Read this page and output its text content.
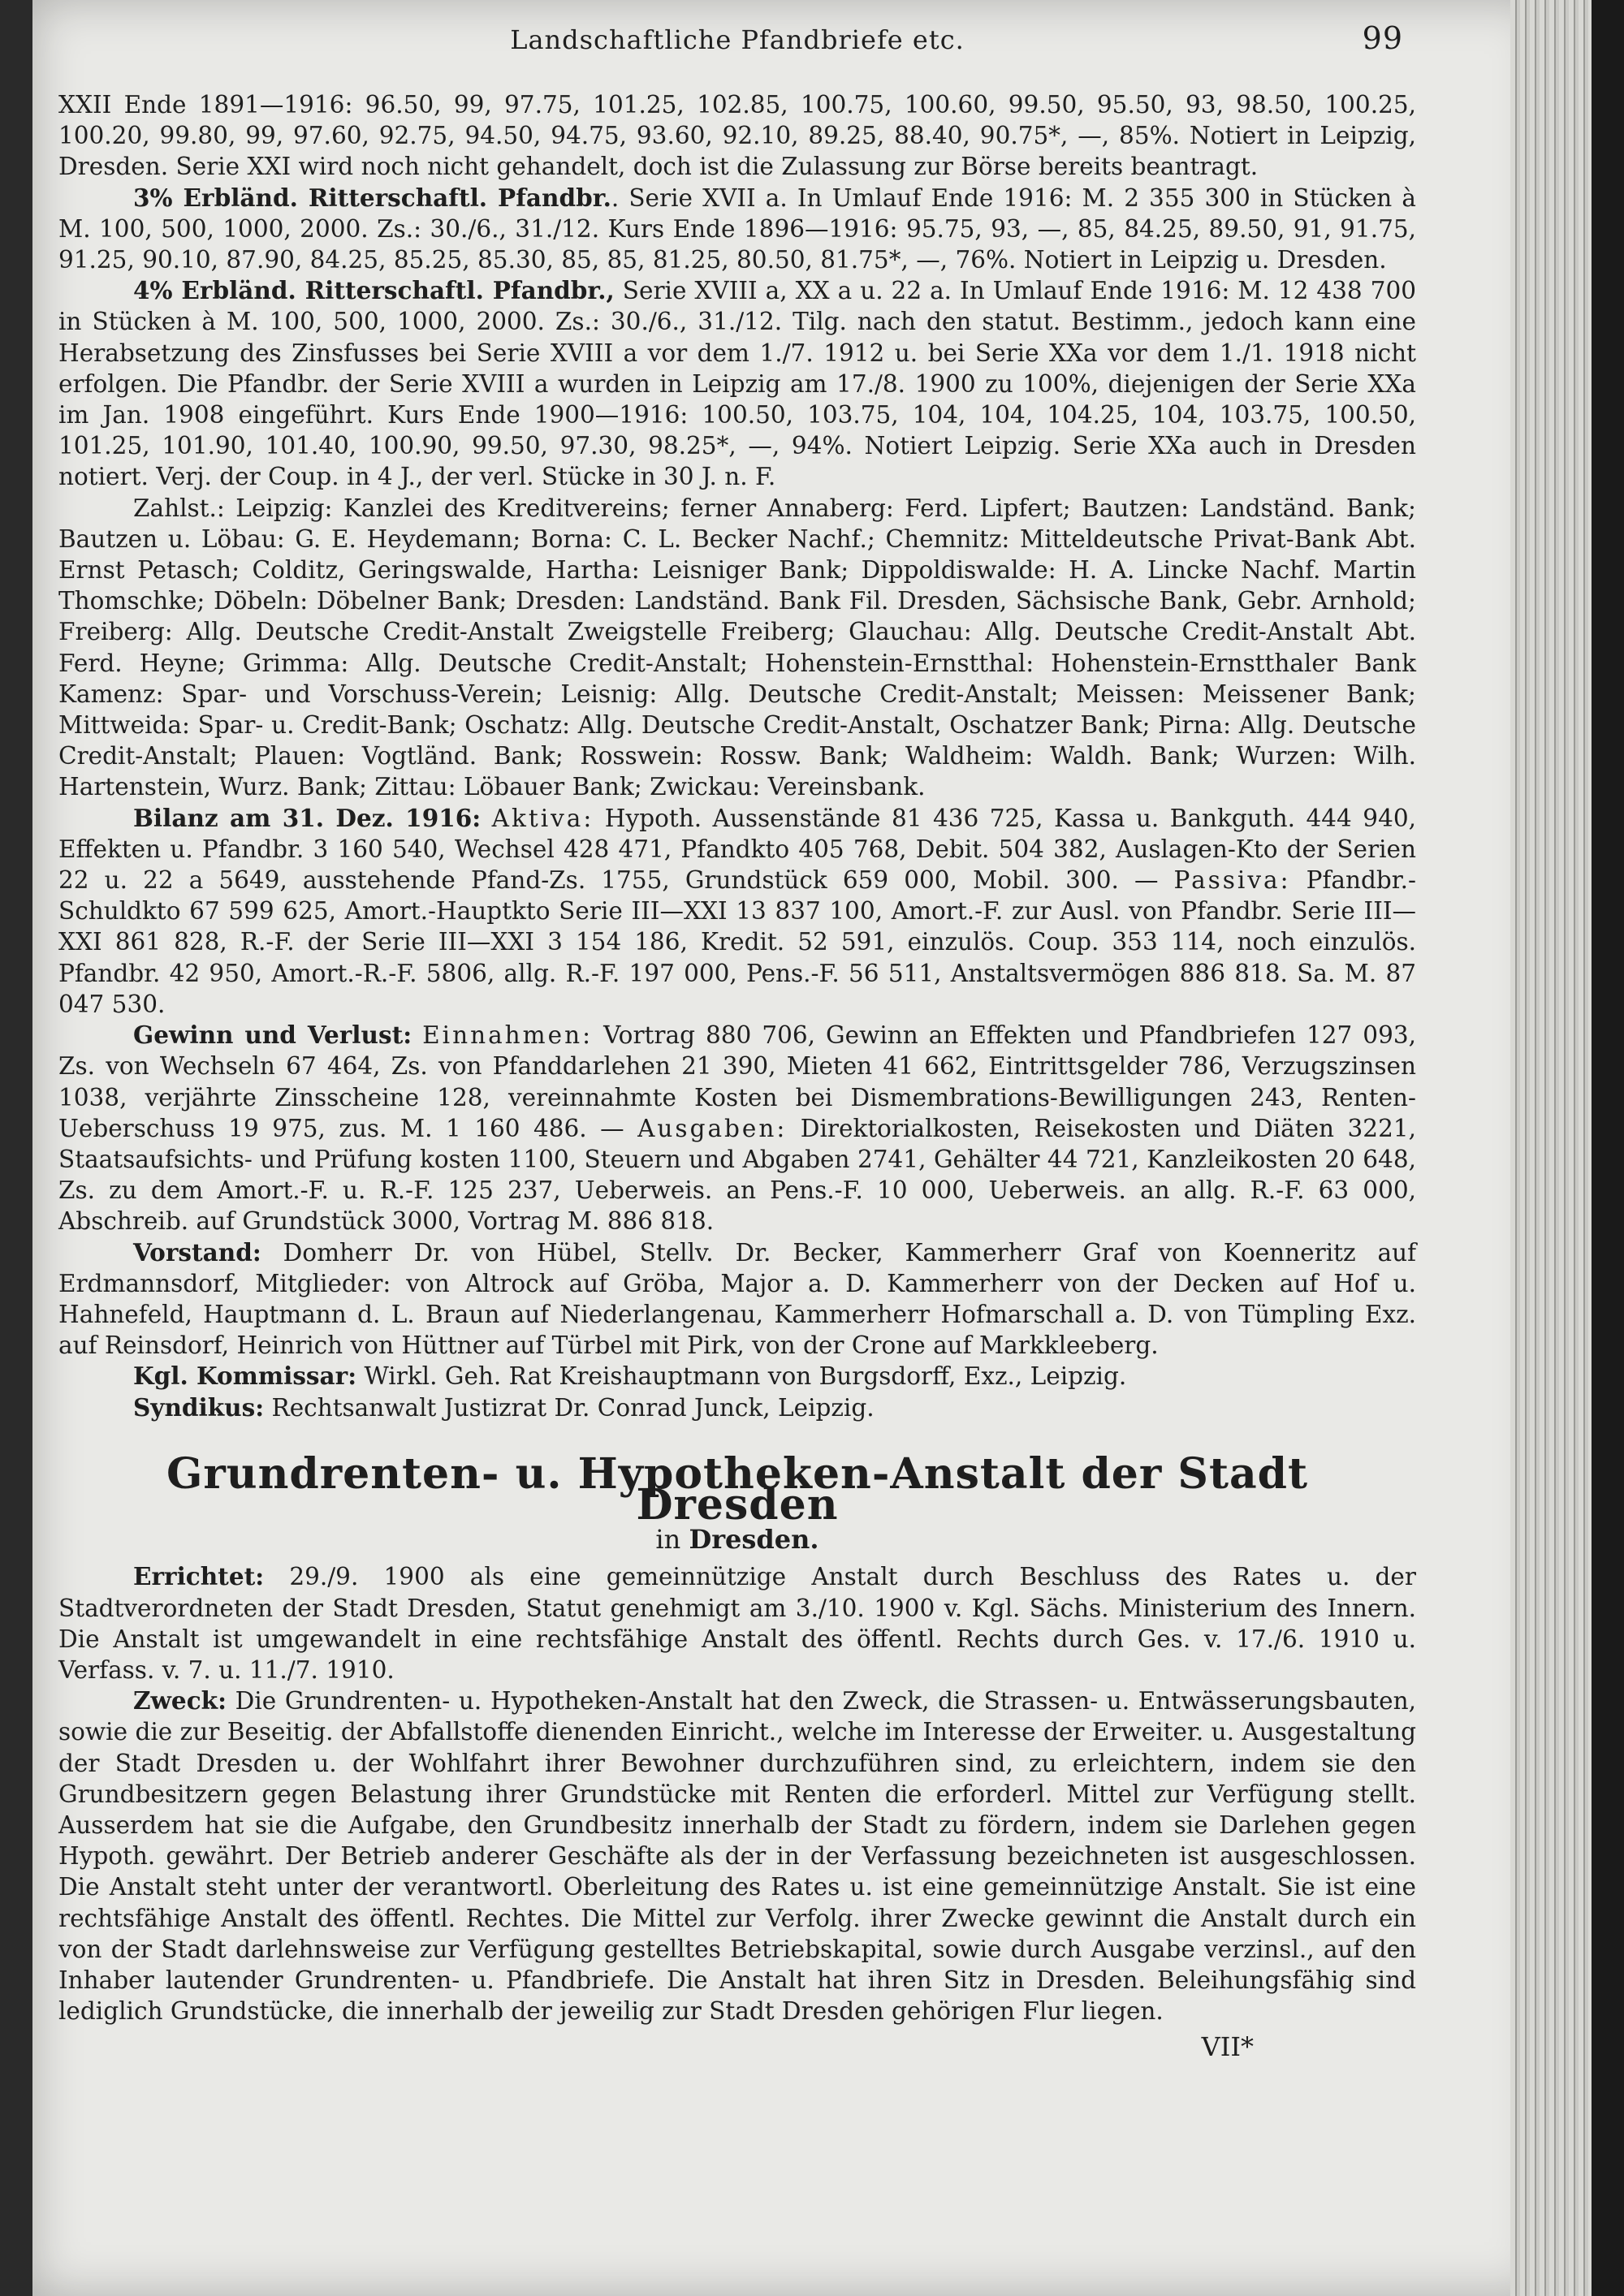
Landschaftliche Pfandbriefe etc.	99

XXII Ende 1891—1916: 96.50, 99, 97.75, 101.25, 102.85, 100.75, 100.60, 99.50, 95.50, 93, 98.50, 100.25, 100.20, 99.80, 99, 97.60, 92.75, 94.50, 94.75, 93.60, 92.10, 89.25, 88.40, 90.75*, —, 85%. Notiert in Leipzig, Dresden. Serie XXI wird noch nicht gehandelt, doch ist die Zulassung zur Börse bereits beantragt.

3% Erbländ. Ritterschaftl. Pfandbr.. Serie XVII a. In Umlauf Ende 1916: M. 2 355 300 in Stücken à M. 100, 500, 1000, 2000. Zs.: 30./6., 31./12. Kurs Ende 1896—1916: 95.75, 93, —, 85, 84.25, 89.50, 91, 91.75, 91.25, 90.10, 87.90, 84.25, 85.25, 85.30, 85, 85, 81.25, 80.50, 81.75*, —, 76%. Notiert in Leipzig u. Dresden.

4% Erbländ. Ritterschaftl. Pfandbr., Serie XVIII a, XX a u. 22 a. In Umlauf Ende 1916: M. 12 438 700 in Stücken à M. 100, 500, 1000, 2000. Zs.: 30./6., 31./12. Tilg. nach den statut. Bestimm., jedoch kann eine Herabsetzung des Zinsfusses bei Serie XVIII a vor dem 1./7. 1912 u. bei Serie XXa vor dem 1./1. 1918 nicht erfolgen. Die Pfandbr. der Serie XVIII a wurden in Leipzig am 17./8. 1900 zu 100%, diejenigen der Serie XXa im Jan. 1908 eingeführt. Kurs Ende 1900—1916: 100.50, 103.75, 104, 104, 104.25, 104, 103.75, 100.50, 101.25, 101.90, 101.40, 100.90, 99.50, 97.30, 98.25*, —, 94%. Notiert Leipzig. Serie XXa auch in Dresden notiert. Verj. der Coup. in 4 J., der verl. Stücke in 30 J. n. F.

Zahlst.: Leipzig: Kanzlei des Kreditvereins; ferner Annaberg: Ferd. Lipfert; Bautzen: Landständ. Bank; Bautzen u. Löbau: G. E. Heydemann; Borna: C. L. Becker Nachf.; Chemnitz: Mitteldeutsche Privat-Bank Abt. Ernst Petasch; Colditz, Geringswalde, Hartha: Leisniger Bank; Dippoldiswalde: H. A. Lincke Nachf. Martin Thomschke; Döbeln: Döbelner Bank; Dresden: Landständ. Bank Fil. Dresden, Sächsische Bank, Gebr. Arnhold; Freiberg: Allg. Deutsche Credit-Anstalt Zweigstelle Freiberg; Glauchau: Allg. Deutsche Credit-Anstalt Abt. Ferd. Heyne; Grimma: Allg. Deutsche Credit-Anstalt; Hohenstein-Ernstthal: Hohenstein-Ernstthaler Bank Kamenz: Spar- und Vorschuss-Verein; Leisnig: Allg. Deutsche Credit-Anstalt; Meissen: Meissener Bank; Mittweida: Spar- u. Credit-Bank; Oschatz: Allg. Deutsche Credit-Anstalt, Oschatzer Bank; Pirna: Allg. Deutsche Credit-Anstalt; Plauen: Vogtländ. Bank; Rosswein: Rossw. Bank; Waldheim: Waldh. Bank; Wurzen: Wilh. Hartenstein, Wurz. Bank; Zittau: Löbauer Bank; Zwickau: Vereinsbank.

Bilanz am 31. Dez. 1916: Aktiva: Hypoth. Aussenstände 81 436 725, Kassa u. Bankguth. 444 940, Effekten u. Pfandbr. 3 160 540, Wechsel 428 471, Pfandkto 405 768, Debit. 504 382, Auslagen-Kto der Serien 22 u. 22 a 5649, ausstehende Pfand-Zs. 1755, Grundstück 659 000, Mobil. 300. — Passiva: Pfandbr.-Schuldkto 67 599 625, Amort.-Hauptkto Serie III—XXI 13 837 100, Amort.-F. zur Ausl. von Pfandbr. Serie III—XXI 861 828, R.-F. der Serie III—XXI 3 154 186, Kredit. 52 591, einzulös. Coup. 353 114, noch einzulös. Pfandbr. 42 950, Amort.-R.-F. 5806, allg. R.-F. 197 000, Pens.-F. 56 511, Anstaltsvermögen 886 818. Sa. M. 87 047 530.

Gewinn und Verlust: Einnahmen: Vortrag 880 706, Gewinn an Effekten und Pfandbriefen 127 093, Zs. von Wechseln 67 464, Zs. von Pfanddarlehen 21 390, Mieten 41 662, Eintrittsgelder 786, Verzugszinsen 1038, verjährte Zinsscheine 128, vereinnahmte Kosten bei Dismembrations-Bewilligungen 243, Renten-Ueberschuss 19 975, zus. M. 1 160 486. — Ausgaben: Direktorialkosten, Reisekosten und Diäten 3221, Staatsaufsichts- und Prüfung kosten 1100, Steuern und Abgaben 2741, Gehälter 44 721, Kanzleikosten 20 648, Zs. zu dem Amort.-F. u. R.-F. 125 237, Ueberweis. an Pens.-F. 10 000, Ueberweis. an allg. R.-F. 63 000, Abschreib. auf Grundstück 3000, Vortrag M. 886 818.

Vorstand: Domherr Dr. von Hübel, Stellv. Dr. Becker, Kammerherr Graf von Koenneritz auf Erdmannsdorf, Mitglieder: von Altrock auf Gröba, Major a. D. Kammerherr von der Decken auf Hof u. Hahnefeld, Hauptmann d. L. Braun auf Niederlangenau, Kammerherr Hofmarschall a. D. von Tümpling Exz. auf Reinsdorf, Heinrich von Hüttner auf Türbel mit Pirk, von der Crone auf Markkleeberg.

Kgl. Kommissar: Wirkl. Geh. Rat Kreishauptmann von Burgsdorff, Exz., Leipzig.

Syndikus: Rechtsanwalt Justizrat Dr. Conrad Junck, Leipzig.

Grundrenten- u. Hypotheken-Anstalt der Stadt Dresden
in Dresden.

Errichtet: 29./9. 1900 als eine gemeinnützige Anstalt durch Beschluss des Rates u. der Stadtverordneten der Stadt Dresden, Statut genehmigt am 3./10. 1900 v. Kgl. Sächs. Ministerium des Innern. Die Anstalt ist umgewandelt in eine rechtsfähige Anstalt des öffentl. Rechts durch Ges. v. 17./6. 1910 u. Verfass. v. 7. u. 11./7. 1910.

Zweck: Die Grundrenten- u. Hypotheken-Anstalt hat den Zweck, die Strassen- u. Entwässerungsbauten, sowie die zur Beseitig. der Abfallstoffe dienenden Einricht., welche im Interesse der Erweiter. u. Ausgestaltung der Stadt Dresden u. der Wohlfahrt ihrer Bewohner durchzuführen sind, zu erleichtern, indem sie den Grundbesitzern gegen Belastung ihrer Grundstücke mit Renten die erforderl. Mittel zur Verfügung stellt. Ausserdem hat sie die Aufgabe, den Grundbesitz innerhalb der Stadt zu fördern, indem sie Darlehen gegen Hypoth. gewährt. Der Betrieb anderer Geschäfte als der in der Verfassung bezeichneten ist ausgeschlossen. Die Anstalt steht unter der verantwortl. Oberleitung des Rates u. ist eine gemeinnützige Anstalt. Sie ist eine rechtsfähige Anstalt des öffentl. Rechtes. Die Mittel zur Verfolg. ihrer Zwecke gewinnt die Anstalt durch ein von der Stadt darlehnsweise zur Verfügung gestelltes Betriebskapital, sowie durch Ausgabe verzinsl., auf den Inhaber lautender Grundrenten- u. Pfandbriefe. Die Anstalt hat ihren Sitz in Dresden. Beleihungsfähig sind lediglich Grundstücke, die innerhalb der jeweilig zur Stadt Dresden gehörigen Flur liegen.

VII*
